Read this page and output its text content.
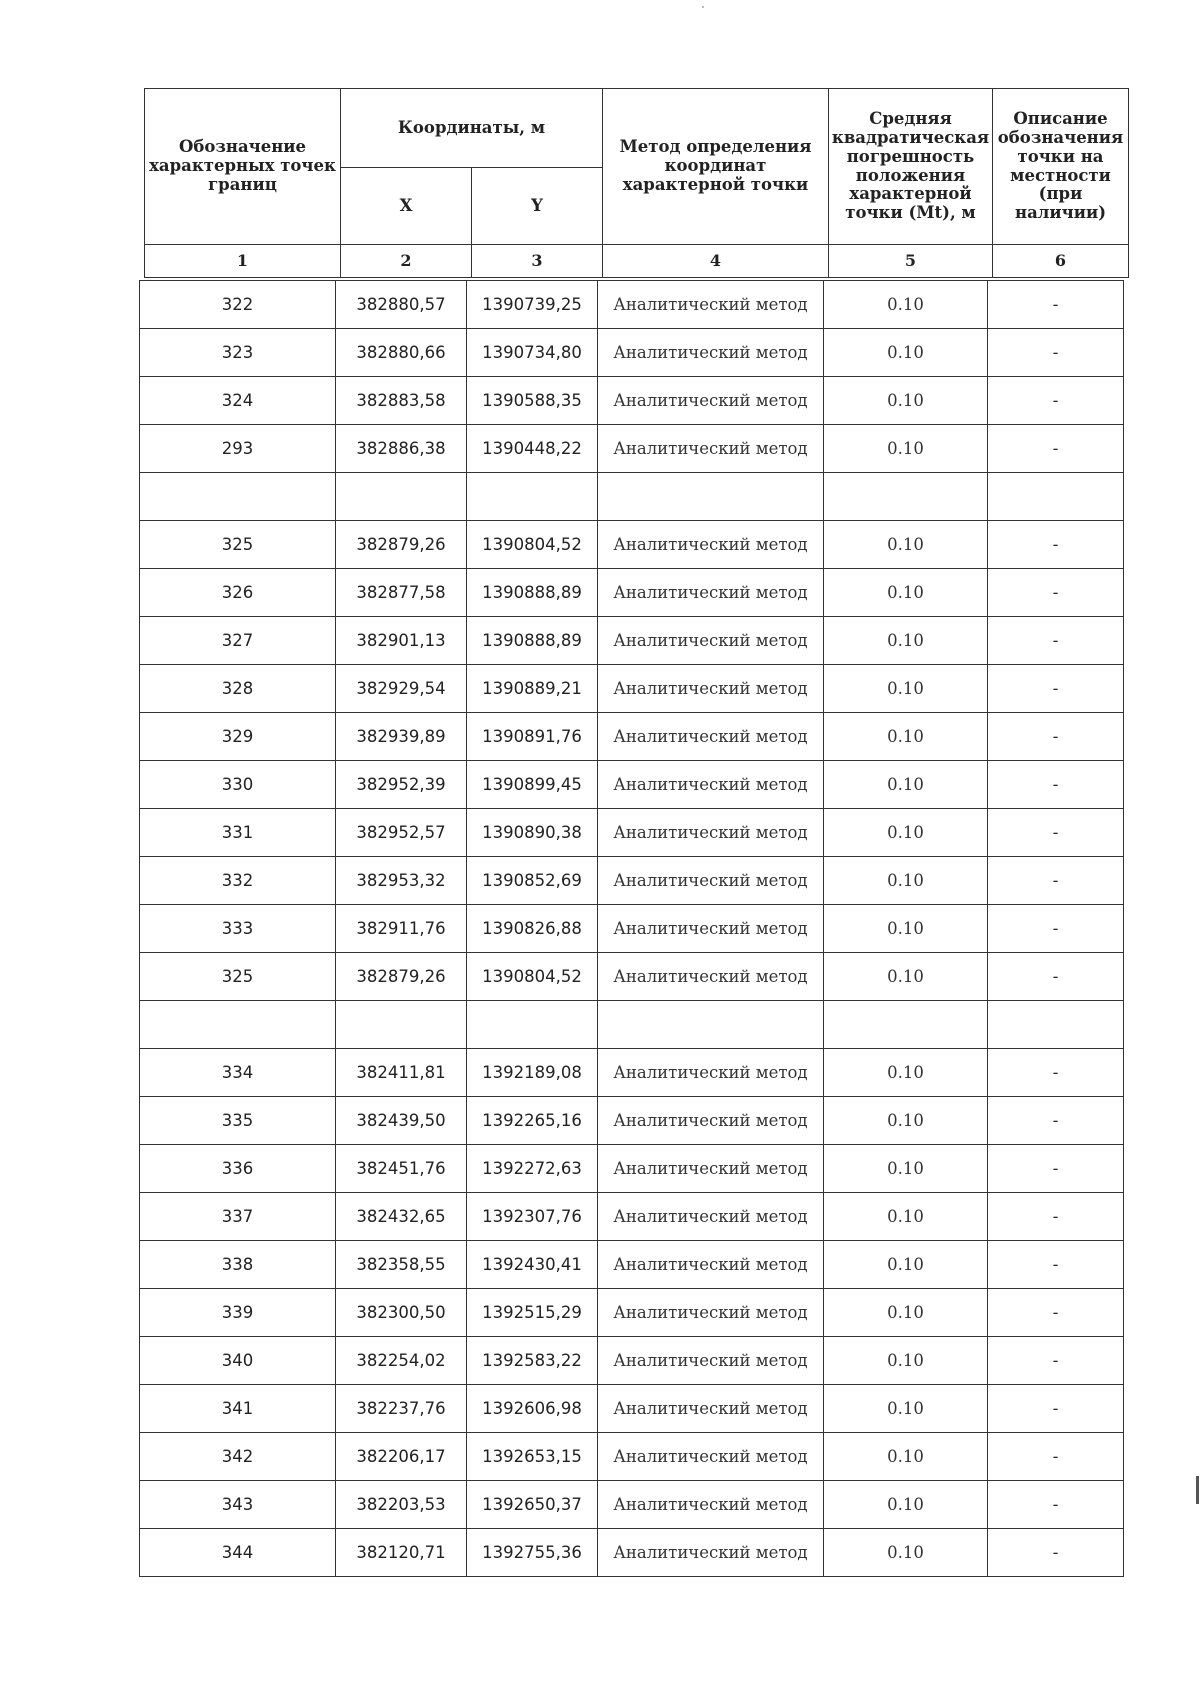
Обозначение характерных точек границ	Координаты, м		Метод определения координат характерной точки	Средняя квадратическая погрешность положения характерной точки (Mt), м	Описание обозначения точки на местности (при наличии)
	X	Y			
1	2	3	4	5	6
322	382880,57	1390739,25	Аналитический метод	0.10	-
323	382880,66	1390734,80	Аналитический метод	0.10	-
324	382883,58	1390588,35	Аналитический метод	0.10	-
293	382886,38	1390448,22	Аналитический метод	0.10	-

325	382879,26	1390804,52	Аналитический метод	0.10	-
326	382877,58	1390888,89	Аналитический метод	0.10	-
327	382901,13	1390888,89	Аналитический метод	0.10	-
328	382929,54	1390889,21	Аналитический метод	0.10	-
329	382939,89	1390891,76	Аналитический метод	0.10	-
330	382952,39	1390899,45	Аналитический метод	0.10	-
331	382952,57	1390890,38	Аналитический метод	0.10	-
332	382953,32	1390852,69	Аналитический метод	0.10	-
333	382911,76	1390826,88	Аналитический метод	0.10	-
325	382879,26	1390804,52	Аналитический метод	0.10	-

334	382411,81	1392189,08	Аналитический метод	0.10	-
335	382439,50	1392265,16	Аналитический метод	0.10	-
336	382451,76	1392272,63	Аналитический метод	0.10	-
337	382432,65	1392307,76	Аналитический метод	0.10	-
338	382358,55	1392430,41	Аналитический метод	0.10	-
339	382300,50	1392515,29	Аналитический метод	0.10	-
340	382254,02	1392583,22	Аналитический метод	0.10	-
341	382237,76	1392606,98	Аналитический метод	0.10	-
342	382206,17	1392653,15	Аналитический метод	0.10	-
343	382203,53	1392650,37	Аналитический метод	0.10	-
344	382120,71	1392755,36	Аналитический метод	0.10	-
